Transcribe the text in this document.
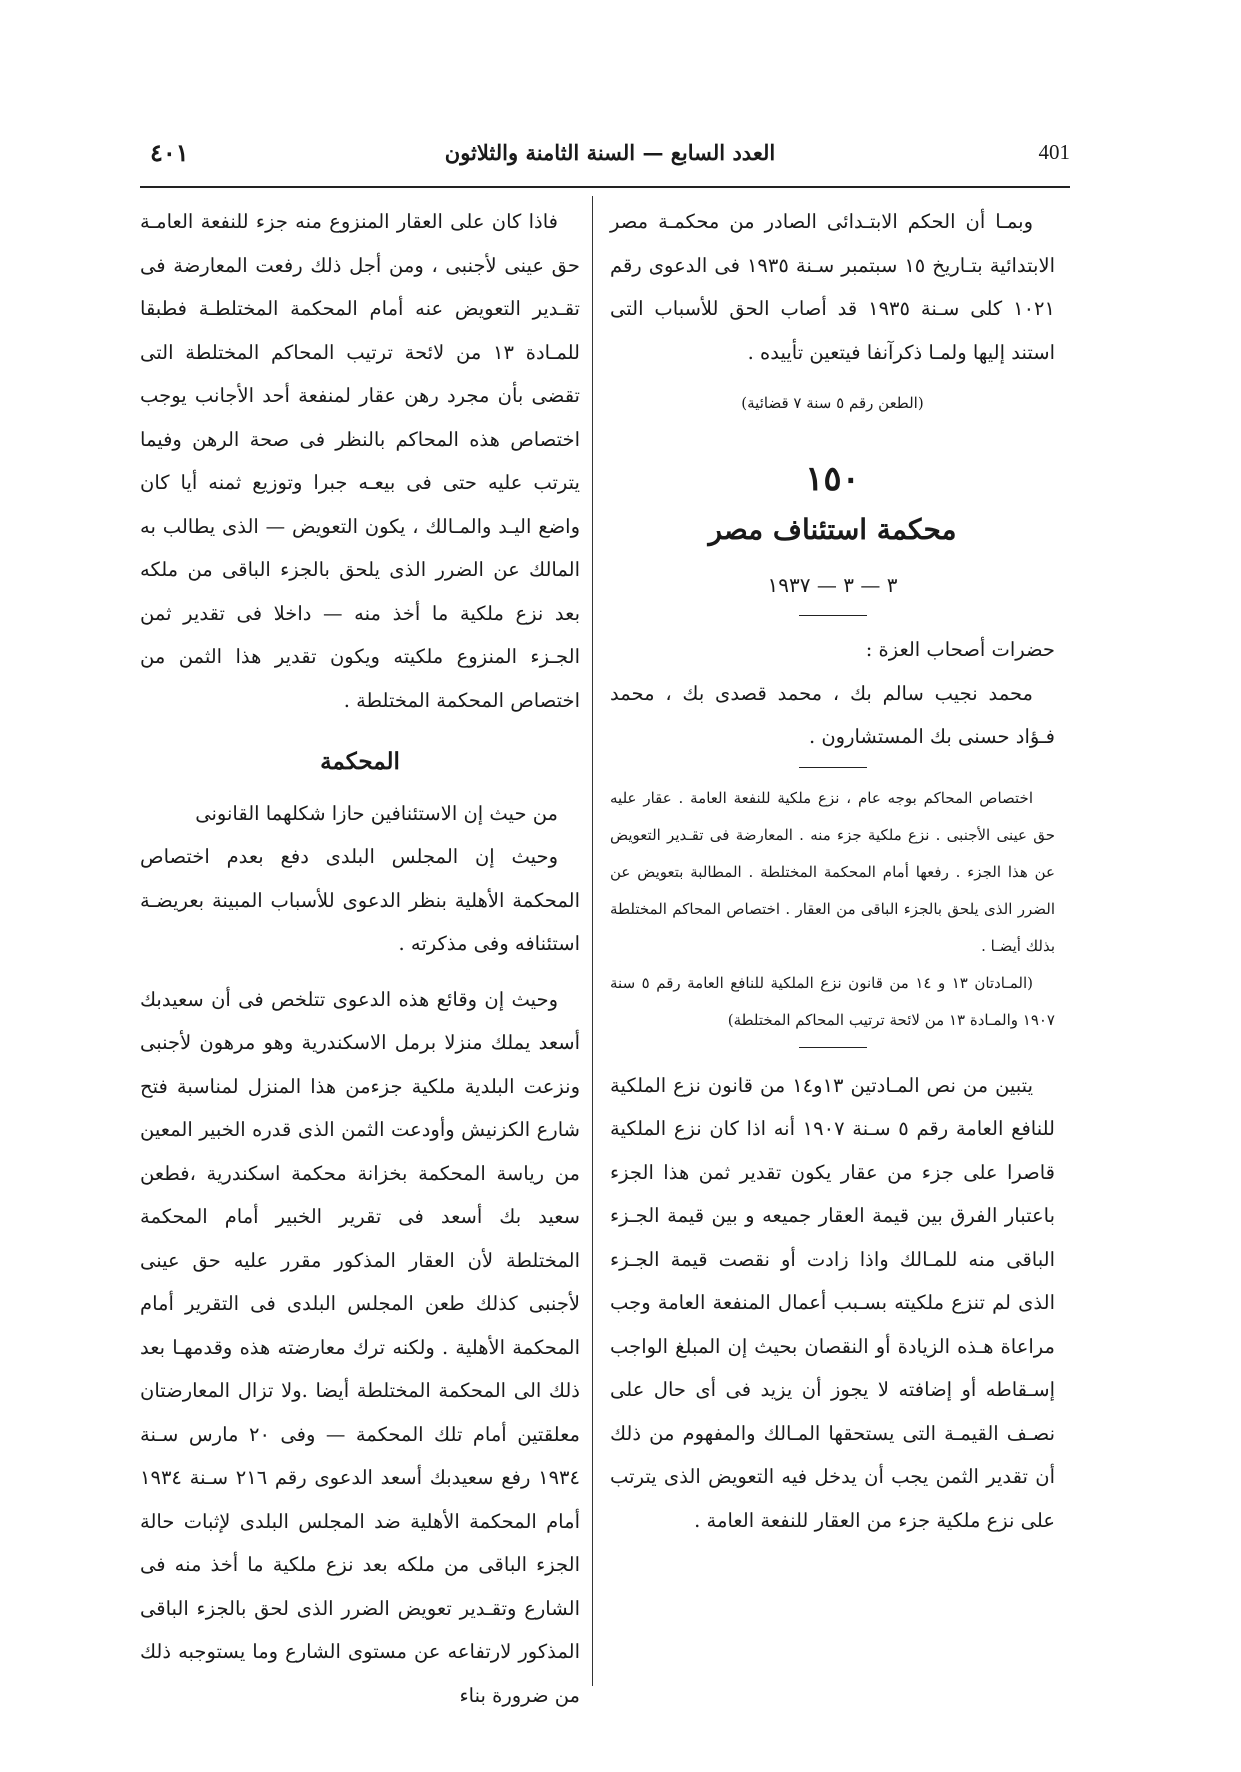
٤٠١	العدد السابع — السنة الثامنة والثلاثون	401

وبمـا أن الحكم الابتـدائى الصادر من محكمـة مصر الابتدائية بتـاريخ ١٥ سبتمبر سـنة ١٩٣٥ فى الدعوى رقم ١٠٢١ كلى سـنة ١٩٣٥ قد أصاب الحق للأسباب التى استند إليها ولمـا ذكرآنفا فيتعين تأييده .

(الطعن رقم ٥ سنة ٧ قضائية)

١٥٠

محكمة استئناف مصر

٣ — ٣ — ١٩٣٧

حضرات أصحاب العزة :

محمد نجيب سالم بك ، محمد قصدى بك ، محمد فـؤاد حسنى بك المستشارون .

اختصاص المحاكم بوجه عام ، نزع ملكية للنفعة العامة . عقار عليه حق عينى الأجنبى . نزع ملكية جزء منه . المعارضة فى تقـدير التعويض عن هذا الجزء . رفعها أمام المحكمة المختلطة . المطالبة بتعويض عن الضرر الذى يلحق بالجزء الباقى من العقار . اختصاص المحاكم المختلطة بذلك أيضـا .

(المـادتان ١٣ و ١٤ من قانون نزع الملكية للنافع العامة رقم ٥ سنة ١٩٠٧ والمـادة ١٣ من لائحة ترتيب المحاكم المختلطة)

يتبين من نص المـادتين ١٣و١٤ من قانون نزع الملكية للنافع العامة رقم ٥ سـنة ١٩٠٧ أنه اذا كان نزع الملكية قاصرا على جزء من عقار يكون تقدير ثمن هذا الجزء باعتبار الفرق بين قيمة العقار جميعه و بين قيمة الجـزء الباقى منه للمـالك واذا زادت أو نقصت قيمة الجـزء الذى لم تنزع ملكيته بسـبب أعمال المنفعة العامة وجب مراعاة هـذه الزيادة أو النقصان بحيث إن المبلغ الواجب إسـقاطه أو إضافته لا يجوز أن يزيد فى أى حال على نصـف القيمـة التى يستحقها المـالك والمفهوم من ذلك أن تقدير الثمن يجب أن يدخل فيه التعويض الذى يترتب على نزع ملكية جزء من العقار للنفعة العامة .

فاذا كان على العقار المنزوع منه جزء للنفعة العامـة حق عينى لأجنبى ، ومن أجل ذلك رفعت المعارضة فى تقـدير التعويض عنه أمام المحكمة المختلطـة فطبقا للمـادة ١٣ من لائحة ترتيب المحاكم المختلطة التى تقضى بأن مجرد رهن عقار لمنفعة أحد الأجانب يوجب اختصاص هذه المحاكم بالنظر فى صحة الرهن وفيما يترتب عليه حتى فى بيعـه جبرا وتوزيع ثمنه أيا كان واضع اليـد والمـالك ، يكون التعويض — الذى يطالب به المالك عن الضرر الذى يلحق بالجزء الباقى من ملكه بعد نزع ملكية ما أخذ منه — داخلا فى تقدير ثمن الجـزء المنزوع ملكيته ويكون تقدير هذا الثمن من اختصاص المحكمة المختلطة .

المحكمة

من حيث إن الاستئنافين حازا شكلهما القانونى

وحيث إن المجلس البلدى دفع بعدم اختصاص المحكمة الأهلية بنظر الدعوى للأسباب المبينة بعريضـة استئنافه وفى مذكرته .

وحيث إن وقائع هذه الدعوى تتلخص فى أن سعيدبك أسعد يملك منزلا برمل الاسكندرية وهو مرهون لأجنبى ونزعت البلدية ملكية جزءمن هذا المنزل لمناسبة فتح شارع الكزنيش وأودعت الثمن الذى قدره الخبير المعين من رياسة المحكمة بخزانة محكمة اسكندرية ،فطعن سعيد بك أسعد فى تقرير الخبير أمام المحكمة المختلطة لأن العقار المذكور مقرر عليه حق عينى لأجنبى كذلك طعن المجلس البلدى فى التقرير أمام المحكمة الأهلية . ولكنه ترك معارضته هذه وقدمهـا بعد ذلك الى المحكمة المختلطة أيضا .ولا تزال المعارضتان معلقتين أمام تلك المحكمة — وفى ٢٠ مارس سـنة ١٩٣٤ رفع سعيدبك أسعد الدعوى رقم ٢١٦ سـنة ١٩٣٤ أمام المحكمة الأهلية ضد المجلس البلدى لإثبات حالة الجزء الباقى من ملكه بعد نزع ملكية ما أخذ منه فى الشارع وتقـدير تعويض الضرر الذى لحق بالجزء الباقى المذكور لارتفاعه عن مستوى الشارع وما يستوجبه ذلك من ضرورة بناء
